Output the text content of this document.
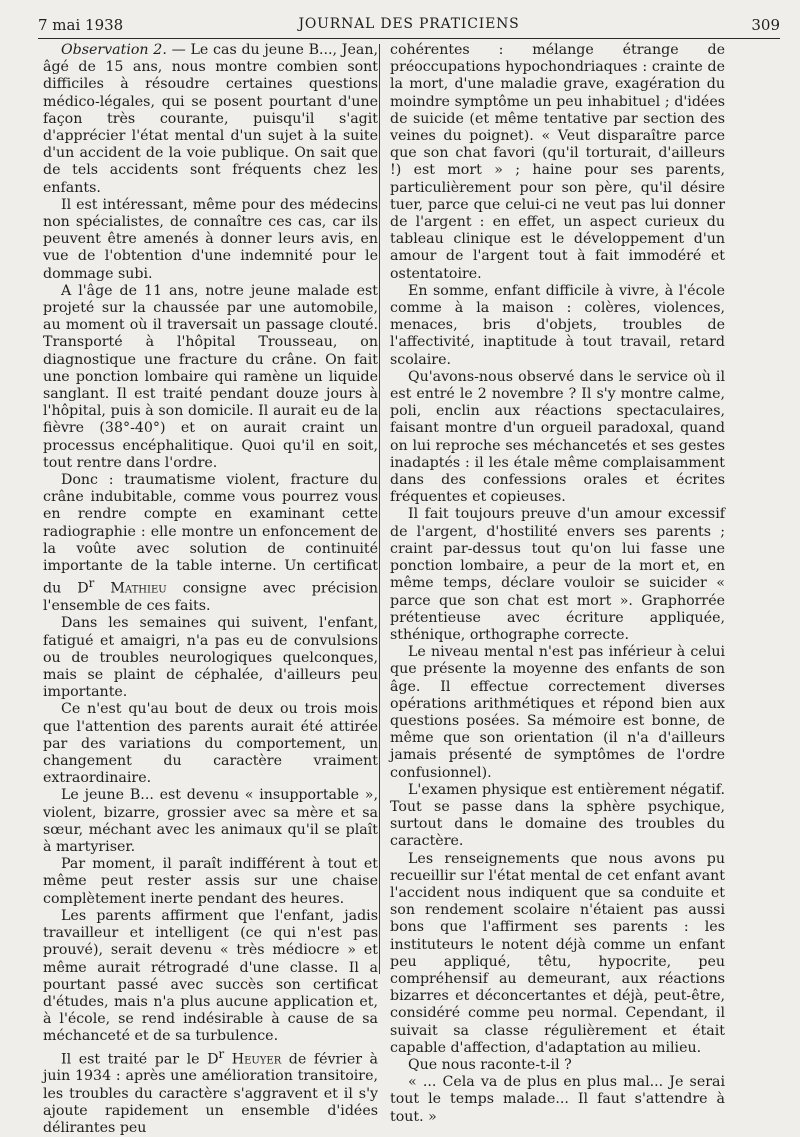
7 mai 1938	JOURNAL DES PRATICIENS	309

Observation 2. — Le cas du jeune B..., Jean, âgé de 15 ans, nous montre combien sont difficiles à résoudre certaines questions médico-légales, qui se posent pourtant d'une façon très courante, puisqu'il s'agit d'apprécier l'état mental d'un sujet à la suite d'un accident de la voie publique. On sait que de tels accidents sont fréquents chez les enfants.

Il est intéressant, même pour des médecins non spécialistes, de connaître ces cas, car ils peuvent être amenés à donner leurs avis, en vue de l'obtention d'une indemnité pour le dommage subi.

A l'âge de 11 ans, notre jeune malade est projeté sur la chaussée par une automobile, au moment où il traversait un passage clouté. Transporté à l'hôpital Trousseau, on diagnostique une fracture du crâne. On fait une ponction lombaire qui ramène un liquide sanglant. Il est traité pendant douze jours à l'hôpital, puis à son domicile. Il aurait eu de la fièvre (38°-40°) et on aurait craint un processus encéphalitique. Quoi qu'il en soit, tout rentre dans l'ordre.

Donc : traumatisme violent, fracture du crâne indubitable, comme vous pourrez vous en rendre compte en examinant cette radiographie : elle montre un enfoncement de la voûte avec solution de continuité importante de la table interne. Un certificat du $D^r$ Mathieu consigne avec précision l'ensemble de ces faits.

Dans les semaines qui suivent, l'enfant, fatigué et amaigri, n'a pas eu de convulsions ou de troubles neurologiques quelconques, mais se plaint de céphalée, d'ailleurs peu importante.

Ce n'est qu'au bout de deux ou trois mois que l'attention des parents aurait été attirée par des variations du comportement, un changement du caractère vraiment extraordinaire.

Le jeune B... est devenu « insupportable », violent, bizarre, grossier avec sa mère et sa sœur, méchant avec les animaux qu'il se plaît à martyriser.

Par moment, il paraît indifférent à tout et même peut rester assis sur une chaise complètement inerte pendant des heures.

Les parents affirment que l'enfant, jadis travailleur et intelligent (ce qui n'est pas prouvé), serait devenu « très médiocre » et même aurait rétrogradé d'une classe. Il a pourtant passé avec succès son certificat d'études, mais n'a plus aucune application et, à l'école, se rend indésirable à cause de sa méchanceté et de sa turbulence.

Il est traité par le $D^r$ Heuyer de février à juin 1934 : après une amélioration transitoire, les troubles du caractère s'aggravent et il s'y ajoute rapidement un ensemble d'idées délirantes peu

cohérentes : mélange étrange de préoccupations hypochondriaques : crainte de la mort, d'une maladie grave, exagération du moindre symptôme un peu inhabituel ; d'idées de suicide (et même tentative par section des veines du poignet). « Veut disparaître parce que son chat favori (qu'il torturait, d'ailleurs !) est mort » ; haine pour ses parents, particulièrement pour son père, qu'il désire tuer, parce que celui-ci ne veut pas lui donner de l'argent : en effet, un aspect curieux du tableau clinique est le développement d'un amour de l'argent tout à fait immodéré et ostentatoire.

En somme, enfant difficile à vivre, à l'école comme à la maison : colères, violences, menaces, bris d'objets, troubles de l'affectivité, inaptitude à tout travail, retard scolaire.

Qu'avons-nous observé dans le service où il est entré le 2 novembre ? Il s'y montre calme, poli, enclin aux réactions spectaculaires, faisant montre d'un orgueil paradoxal, quand on lui reproche ses méchancetés et ses gestes inadaptés : il les étale même complaisamment dans des confessions orales et écrites fréquentes et copieuses.

Il fait toujours preuve d'un amour excessif de l'argent, d'hostilité envers ses parents ; craint par-dessus tout qu'on lui fasse une ponction lombaire, a peur de la mort et, en même temps, déclare vouloir se suicider « parce que son chat est mort ». Graphorrée prétentieuse avec écriture appliquée, sthénique, orthographe correcte.

Le niveau mental n'est pas inférieur à celui que présente la moyenne des enfants de son âge. Il effectue correctement diverses opérations arithmétiques et répond bien aux questions posées. Sa mémoire est bonne, de même que son orientation (il n'a d'ailleurs jamais présenté de symptômes de l'ordre confusionnel).

L'examen physique est entièrement négatif. Tout se passe dans la sphère psychique, surtout dans le domaine des troubles du caractère.

Les renseignements que nous avons pu recueillir sur l'état mental de cet enfant avant l'accident nous indiquent que sa conduite et son rendement scolaire n'étaient pas aussi bons que l'affirment ses parents : les instituteurs le notent déjà comme un enfant peu appliqué, têtu, hypocrite, peu compréhensif au demeurant, aux réactions bizarres et déconcertantes et déjà, peut-être, considéré comme peu normal. Cependant, il suivait sa classe régulièrement et était capable d'affection, d'adaptation au milieu.

Que nous raconte-t-il ?

« ... Cela va de plus en plus mal... Je serai tout le temps malade... Il faut s'attendre à tout. »
